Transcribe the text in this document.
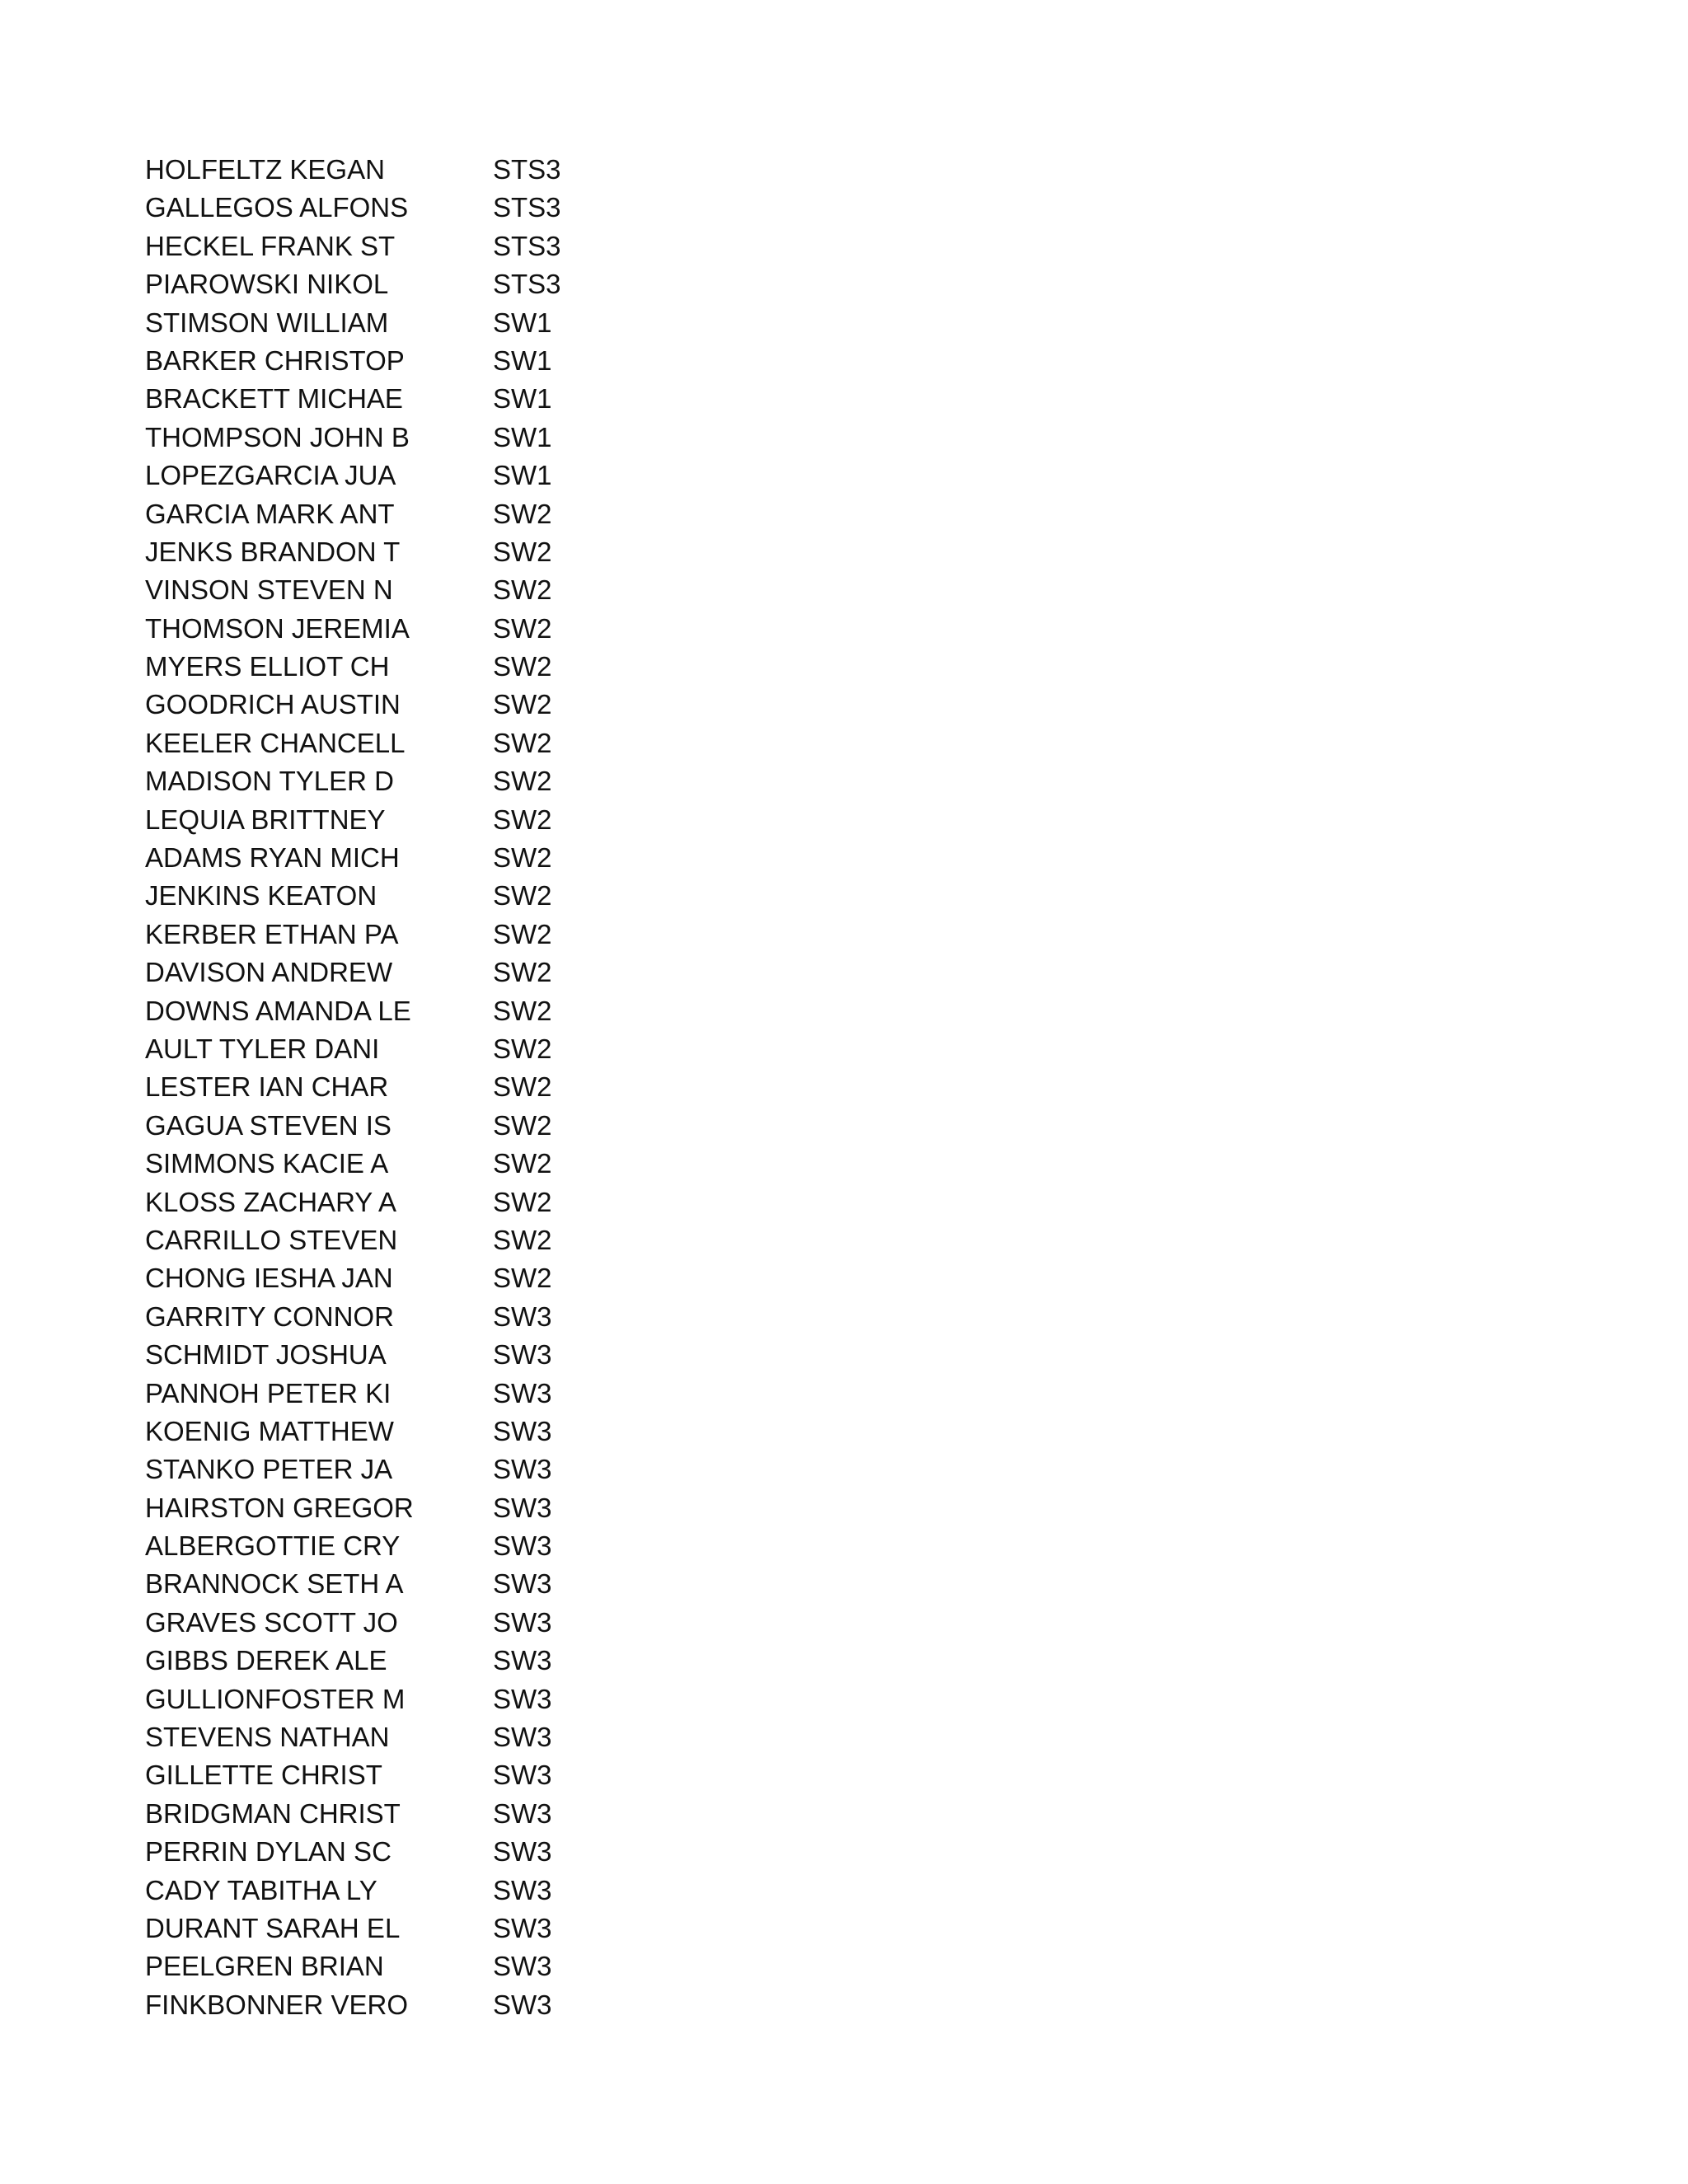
HOLFELTZ KEGAN	STS3
GALLEGOS ALFONS	STS3
HECKEL FRANK ST	STS3
PIAROWSKI NIKOL	STS3
STIMSON WILLIAM	SW1
BARKER CHRISTOP	SW1
BRACKETT MICHAE	SW1
THOMPSON JOHN B	SW1
LOPEZGARCIA JUA	SW1
GARCIA MARK ANT	SW2
JENKS BRANDON T	SW2
VINSON STEVEN N	SW2
THOMSON JEREMIA	SW2
MYERS ELLIOT CH	SW2
GOODRICH AUSTIN	SW2
KEELER CHANCELL	SW2
MADISON TYLER D	SW2
LEQUIA BRITTNEY	SW2
ADAMS RYAN MICH	SW2
JENKINS KEATON	SW2
KERBER ETHAN PA	SW2
DAVISON ANDREW	SW2
DOWNS AMANDA LE	SW2
AULT TYLER DANI	SW2
LESTER IAN CHAR	SW2
GAGUA STEVEN IS	SW2
SIMMONS KACIE A	SW2
KLOSS ZACHARY A	SW2
CARRILLO STEVEN	SW2
CHONG IESHA JAN	SW2
GARRITY CONNOR	SW3
SCHMIDT JOSHUA	SW3
PANNOH PETER KI	SW3
KOENIG MATTHEW	SW3
STANKO PETER JA	SW3
HAIRSTON GREGOR	SW3
ALBERGOTTIE CRY	SW3
BRANNOCK SETH A	SW3
GRAVES SCOTT JO	SW3
GIBBS DEREK ALE	SW3
GULLIONFOSTER M	SW3
STEVENS NATHAN	SW3
GILLETTE CHRIST	SW3
BRIDGMAN CHRIST	SW3
PERRIN DYLAN SC	SW3
CADY TABITHA LY	SW3
DURANT SARAH EL	SW3
PEELGREN BRIAN	SW3
FINKBONNER VERO	SW3
